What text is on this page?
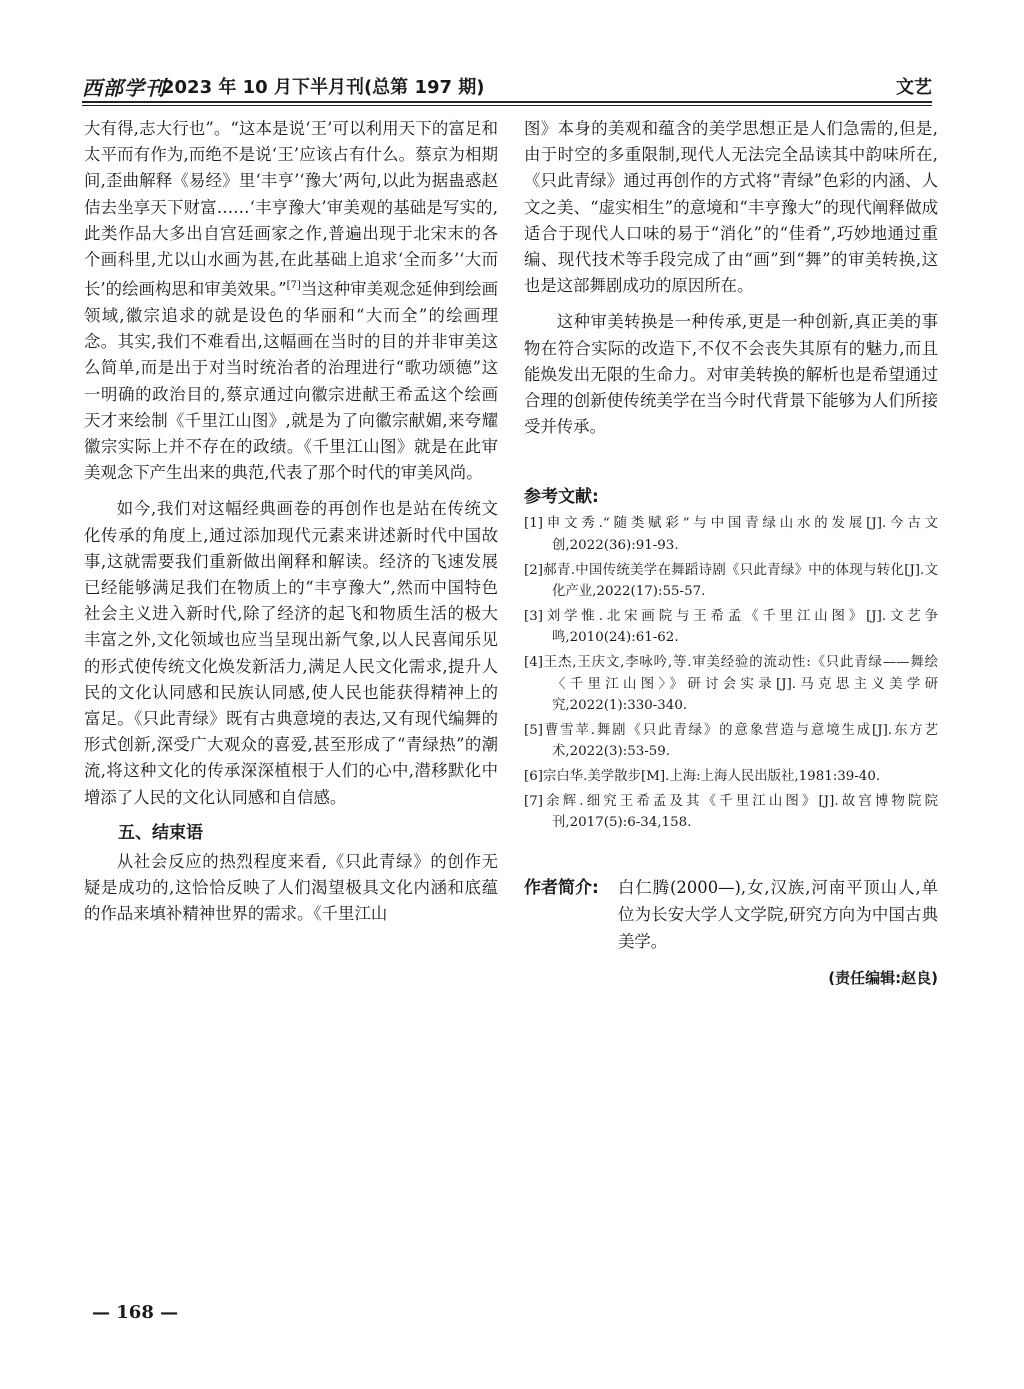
西部学刊
2023 年 10 月下半月刊(总第 197 期)	文艺

大有得,志大行也”。“这本是说‘王’可以利用天下的富足和太平而有作为,而绝不是说‘王’应该占有什么。蔡京为相期间,歪曲解释《易经》里‘丰亨’‘豫大’两句,以此为据蛊惑赵佶去坐享天下财富……‘丰亨豫大’审美观的基础是写实的,此类作品大多出自宫廷画家之作,普遍出现于北宋末的各个画科里,尤以山水画为甚,在此基础上追求‘全而多’‘大而长’的绘画构思和审美效果。”[7]当这种审美观念延伸到绘画领域,徽宗追求的就是设色的华丽和“大而全”的绘画理念。其实,我们不难看出,这幅画在当时的目的并非审美这么简单,而是出于对当时统治者的治理进行“歌功颂德”这一明确的政治目的,蔡京通过向徽宗进献王希孟这个绘画天才来绘制《千里江山图》,就是为了向徽宗献媚,来夸耀徽宗实际上并不存在的政绩。《千里江山图》就是在此审美观念下产生出来的典范,代表了那个时代的审美风尚。

如今,我们对这幅经典画卷的再创作也是站在传统文化传承的角度上,通过添加现代元素来讲述新时代中国故事,这就需要我们重新做出阐释和解读。经济的飞速发展已经能够满足我们在物质上的“丰亨豫大”,然而中国特色社会主义进入新时代,除了经济的起飞和物质生活的极大丰富之外,文化领域也应当呈现出新气象,以人民喜闻乐见的形式使传统文化焕发新活力,满足人民文化需求,提升人民的文化认同感和民族认同感,使人民也能获得精神上的富足。《只此青绿》既有古典意境的表达,又有现代编舞的形式创新,深受广大观众的喜爱,甚至形成了“青绿热”的潮流,将这种文化的传承深深植根于人们的心中,潜移默化中增添了人民的文化认同感和自信感。

五、结束语

从社会反应的热烈程度来看,《只此青绿》的创作无疑是成功的,这恰恰反映了人们渴望极具文化内涵和底蕴的作品来填补精神世界的需求。《千里江山

图》本身的美观和蕴含的美学思想正是人们急需的,但是,由于时空的多重限制,现代人无法完全品读其中韵味所在,《只此青绿》通过再创作的方式将“青绿”色彩的内涵、人文之美、“虚实相生”的意境和“丰亨豫大”的现代阐释做成适合于现代人口味的易于“消化”的“佳肴”,巧妙地通过重编、现代技术等手段完成了由“画”到“舞”的审美转换,这也是这部舞剧成功的原因所在。

这种审美转换是一种传承,更是一种创新,真正美的事物在符合实际的改造下,不仅不会丧失其原有的魅力,而且能焕发出无限的生命力。对审美转换的解析也是希望通过合理的创新使传统美学在当今时代背景下能够为人们所接受并传承。

参考文献:

[1]申文秀.“随类赋彩”与中国青绿山水的发展[J].今古文创,2022(36):91-93.

[2]郝青.中国传统美学在舞蹈诗剧《只此青绿》中的体现与转化[J].文化产业,2022(17):55-57.

[3]刘学惟.北宋画院与王希孟《千里江山图》[J].文艺争鸣,2010(24):61-62.

[4]王杰,王庆文,李咏吟,等.审美经验的流动性:《只此青绿——舞绘〈千里江山图〉》研讨会实录[J].马克思主义美学研究,2022(1):330-340.

[5]曹雪苹.舞剧《只此青绿》的意象营造与意境生成[J].东方艺术,2022(3):53-59.

[6]宗白华.美学散步[M].上海:上海人民出版社,1981:39-40.

[7]余辉.细究王希孟及其《千里江山图》[J].故宫博物院院刊,2017(5):6-34,158.

作者简介: 白仁腾(2000—),女,汉族,河南平顶山人,单位为长安大学人文学院,研究方向为中国古典美学。
(责任编辑:赵良)
— 168 —
